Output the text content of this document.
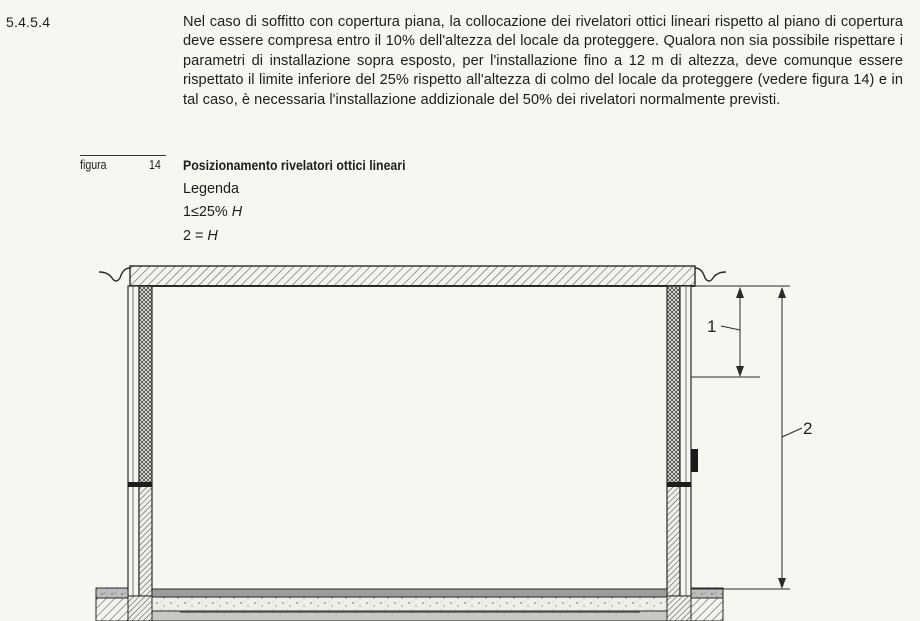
5.4.5.4	Nel caso di soffitto con copertura piana, la collocazione dei rivelatori ottici lineari rispetto al piano di copertura deve essere compresa entro il 10% dell'altezza del locale da proteggere. Qualora non sia possibile rispettare i parametri di installazione sopra esposto, per l'installazione fino a 12 m di altezza, deve comunque essere rispettato il limite inferiore del 25% rispetto all'altezza di colmo del locale da proteggere (vedere figura 14) e in tal caso, è necessaria l'installazione addizionale del 50% dei rivelatori normalmente previsti.

figura	14 Posizionamento rivelatori ottici lineari
Legenda
1≤25% H
2 = H
1
2
